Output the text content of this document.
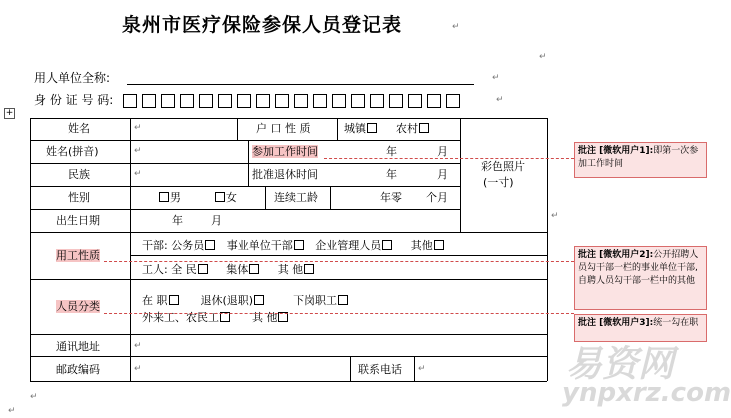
泉州市医疗保险参保人员登记表	↵
↵
用人单位全称:	↵
身 份 证 号 码:	↵
+
姓名	↵	户 口 性 质	城镇	农村
姓名(拼音)	↵	参加工作时间	年	月
彩色照片
(一寸)
民族	↵	批准退休时间	年	月
性别	男	女	连续工龄	年零 个月
出生日期	年	月	↵
用工性质
干部: 公务员 事业单位干部 企业管理人员	其他
工人: 全 民	集体	其 他
人员分类	在 职	退休(退职)	下岗职工
外来工、农民工	其 他
通讯地址	↵
邮政编码	↵	联系电话 ↵
↵
↵
批注 [微软用户1]:即第一次参加工作时间
批注 [微软用户2]:公开招聘人员勾干部一栏的事业单位干部,自聘人员勾干部一栏中的其他
批注 [微软用户3]:统一勾在职
易资网
ynpxrz.com
